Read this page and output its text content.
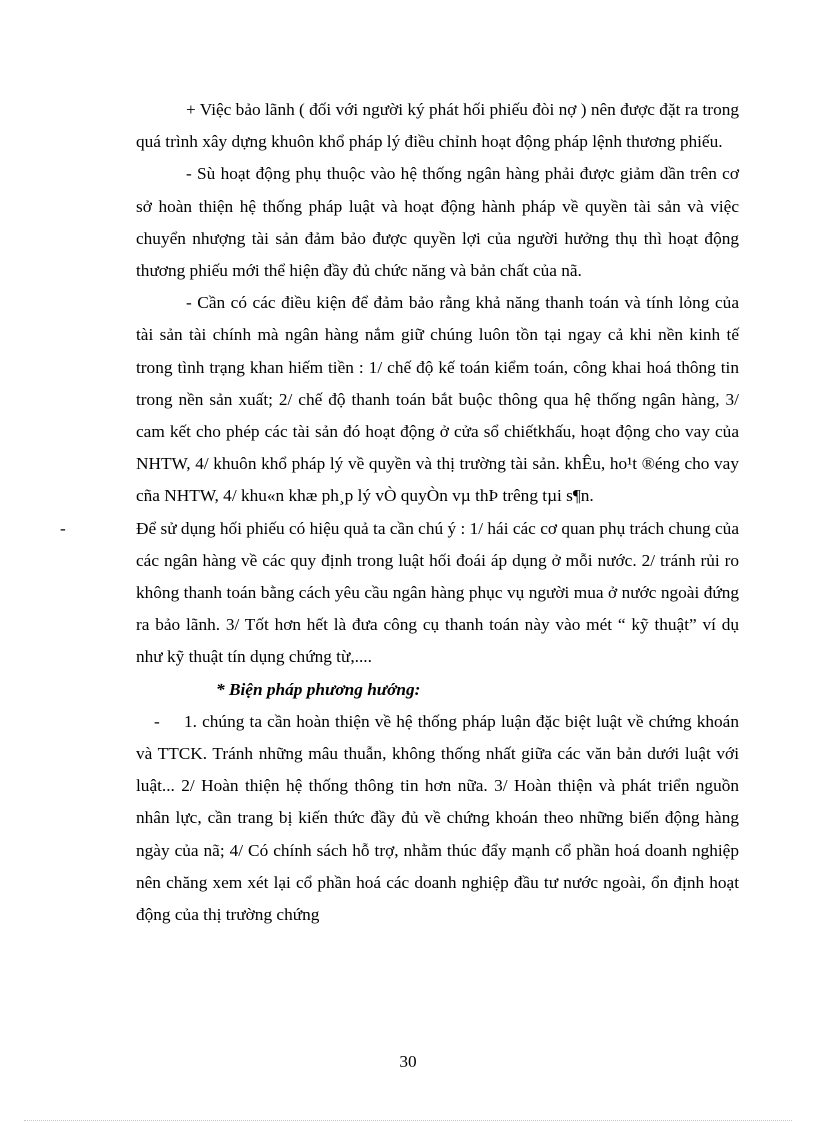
+ Việc bảo lãnh ( đối với người ký phát hối phiếu đòi nợ ) nên được đặt ra trong quá trình xây dựng khuôn khổ pháp lý điều chỉnh hoạt động pháp lệnh thương phiếu.

- Sù hoạt động phụ thuộc vào hệ thống ngân hàng phải được giảm dần trên cơ sở hoàn thiện hệ thống pháp luật và hoạt động hành pháp về quyền tài sản và việc chuyển nhượng tài sản đảm bảo được quyền lợi của người hưởng thụ thì hoạt động thương phiếu mới thể hiện đầy đủ chức năng và bản chất của nã.

- Cần có các điều kiện để đảm bảo rằng khả năng thanh toán và tính lỏng của tài sản tài chính mà ngân hàng nắm giữ chúng luôn tồn tại ngay cả khi nền kinh tế trong tình trạng khan hiếm tiền : 1/ chế độ kế toán kiểm toán, công khai hoá thông tin trong nền sản xuất; 2/ chế độ thanh toán bắt buộc thông qua hệ thống ngân hàng, 3/ cam kết cho phép các tài sản đó hoạt động ở cửa sổ chiếtkhấu, hoạt động cho vay của NHTW, 4/ khuôn khổ pháp lý về quyền và thị trường tài sản. khÊu, ho¹t ®éng cho vay cña NHTW, 4/ khu«n khæ ph¸p lý vÒ quyÒn vµ thÞ trêng tµi s¶n.

-	Để sử dụng hối phiếu có hiệu quả ta cần chú ý : 1/ hái các cơ quan phụ trách chung của các ngân hàng về các quy định trong luật hối đoái áp dụng ở mỗi nước. 2/ tránh rủi ro không thanh toán bằng cách yêu cầu ngân hàng phục vụ người mua ở nước ngoài đứng ra bảo lãnh. 3/ Tốt hơn hết là đưa công cụ thanh toán này vào mét “ kỹ thuật” ví dụ như kỹ thuật tín dụng chứng từ,....

* Biện pháp phương hướng:

- 1. chúng ta cần hoàn thiện về hệ thống pháp luận đặc biệt luật về chứng khoán và TTCK. Tránh những mâu thuẫn, không thống nhất giữa các văn bản dưới luật với luật... 2/ Hoàn thiện hệ thống thông tin hơn nữa. 3/ Hoàn thiện và phát triển nguồn nhân lực, cần trang bị kiến thức đầy đủ về chứng khoán theo những biến động hàng ngày của nã; 4/ Có chính sách hỗ trợ, nhằm thúc đẩy mạnh cổ phần hoá doanh nghiệp nên chăng xem xét lại cổ phần hoá các doanh nghiệp đầu tư nước ngoài, ổn định hoạt động của thị trường chứng

30
